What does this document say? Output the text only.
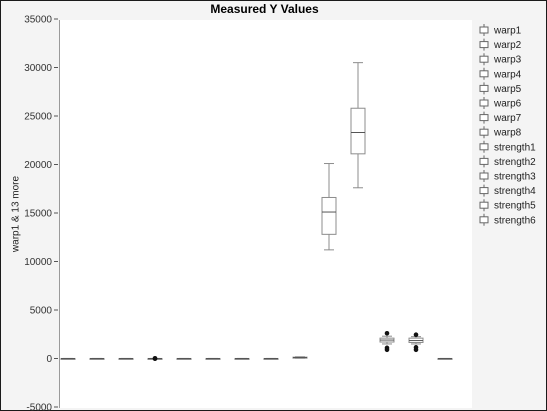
Measured Y Values
warp1 & 13 more
-5000
0
5000
10000
15000
20000
25000
30000
35000
warp1
warp2
warp3
warp4
warp5
warp6
warp7
warp8
strength1
strength2
strength3
strength4
strength5
strength6
